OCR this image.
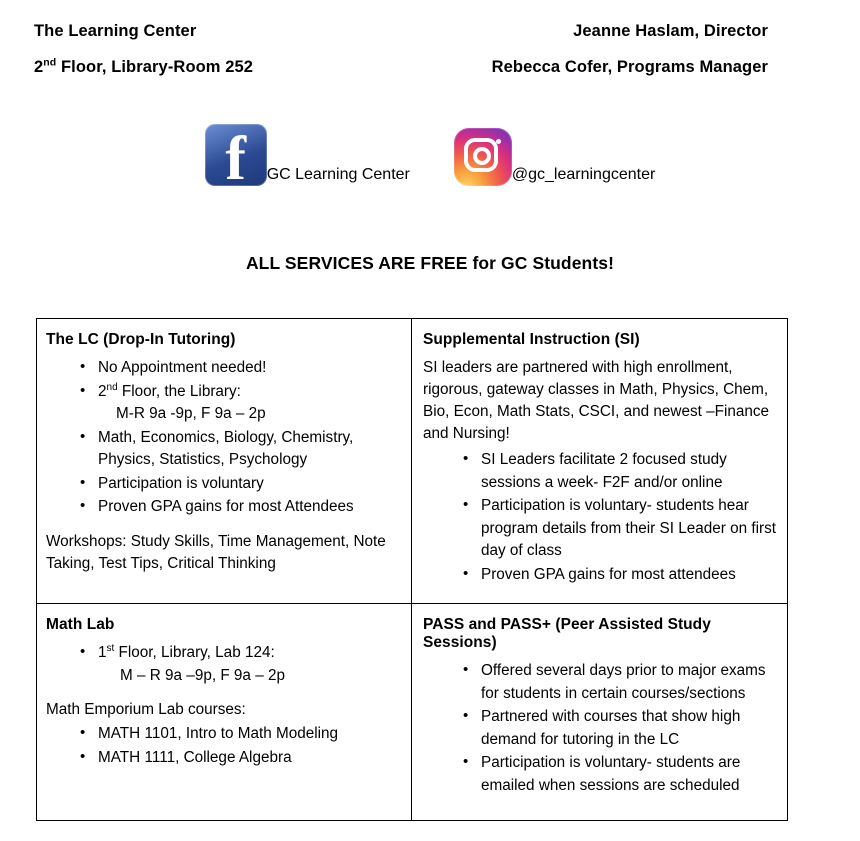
The Learning Center
2nd Floor, Library-Room 252
Jeanne Haslam, Director
Rebecca Cofer, Programs Manager
f	GC Learning Center	@gc_learningcenter
ALL SERVICES ARE FREE for GC Students!
The LC (Drop-In Tutoring)
• No Appointment needed!
• 2nd Floor, the Library:
M-R 9a -9p, F 9a – 2p
• Math, Economics, Biology, Chemistry, Physics, Statistics, Psychology
• Participation is voluntary
• Proven GPA gains for most Attendees

Workshops: Study Skills, Time Management, Note Taking, Test Tips, Critical Thinking

Supplemental Instruction (SI)

SI leaders are partnered with high enrollment, rigorous, gateway classes in Math, Physics, Chem, Bio, Econ, Math Stats, CSCI, and newest –Finance and Nursing!

• SI Leaders facilitate 2 focused study sessions a week- F2F and/or online
• Participation is voluntary- students hear program details from their SI Leader on first day of class
• Proven GPA gains for most attendees
Math Lab
• 1st Floor, Library, Lab 124:
M – R 9a –9p, F 9a – 2p

Math Emporium Lab courses:

• MATH 1101, Intro to Math Modeling
• MATH 1111, College Algebra
PASS and PASS+ (Peer Assisted Study Sessions)
• Offered several days prior to major exams for students in certain courses/sections
• Partnered with courses that show high demand for tutoring in the LC
• Participation is voluntary- students are emailed when sessions are scheduled
